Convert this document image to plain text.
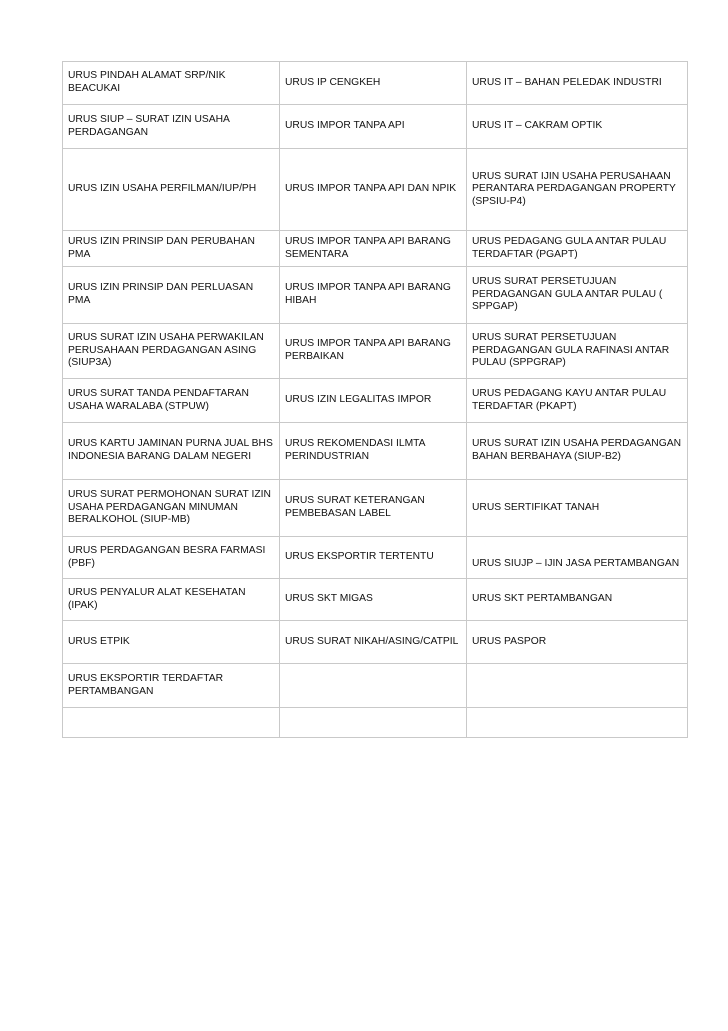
URUS PINDAH ALAMAT SRP/NIK BEACUKAI	URUS IP CENGKEH	URUS IT – BAHAN PELEDAK INDUSTRI
URUS SIUP – SURAT IZIN USAHA PERDAGANGAN	URUS IMPOR TANPA API	URUS IT – CAKRAM OPTIK
URUS IZIN USAHA PERFILMAN/IUP/PH	URUS IMPOR TANPA API DAN NPIK	URUS SURAT IJIN USAHA PERUSAHAAN PERANTARA PERDAGANGAN PROPERTY (SPSIU-P4)
URUS IZIN PRINSIP DAN PERUBAHAN PMA	URUS IMPOR TANPA API BARANG SEMENTARA	URUS PEDAGANG GULA ANTAR PULAU TERDAFTAR (PGAPT)
URUS IZIN PRINSIP DAN PERLUASAN PMA	URUS IMPOR TANPA API BARANG HIBAH	URUS SURAT PERSETUJUAN PERDAGANGAN GULA ANTAR PULAU ( SPPGAP)
URUS SURAT IZIN USAHA PERWAKILAN PERUSAHAAN PERDAGANGAN ASING (SIUP3A)	URUS IMPOR TANPA API BARANG PERBAIKAN	URUS SURAT PERSETUJUAN PERDAGANGAN GULA RAFINASI ANTAR PULAU (SPPGRAP)
URUS SURAT TANDA PENDAFTARAN USAHA WARALABA (STPUW)	URUS IZIN LEGALITAS IMPOR	URUS PEDAGANG KAYU ANTAR PULAU TERDAFTAR (PKAPT)
URUS KARTU JAMINAN PURNA JUAL BHS INDONESIA BARANG DALAM NEGERI	URUS REKOMENDASI ILMTA PERINDUSTRIAN	URUS SURAT IZIN USAHA PERDAGANGAN BAHAN BERBAHAYA (SIUP-B2)
URUS SURAT PERMOHONAN SURAT IZIN USAHA PERDAGANGAN MINUMAN BERALKOHOL (SIUP-MB)	URUS SURAT KETERANGAN PEMBEBASAN LABEL	URUS SERTIFIKAT TANAH
URUS PERDAGANGAN BESRA FARMASI (PBF)	URUS EKSPORTIR TERTENTU	URUS SIUJP – IJIN JASA PERTAMBANGAN
URUS PENYALUR ALAT KESEHATAN (IPAK)	URUS SKT MIGAS	URUS SKT PERTAMBANGAN
URUS ETPIK	URUS SURAT NIKAH/ASING/CATPIL	URUS PASPOR
URUS EKSPORTIR TERDAFTAR PERTAMBANGAN		
